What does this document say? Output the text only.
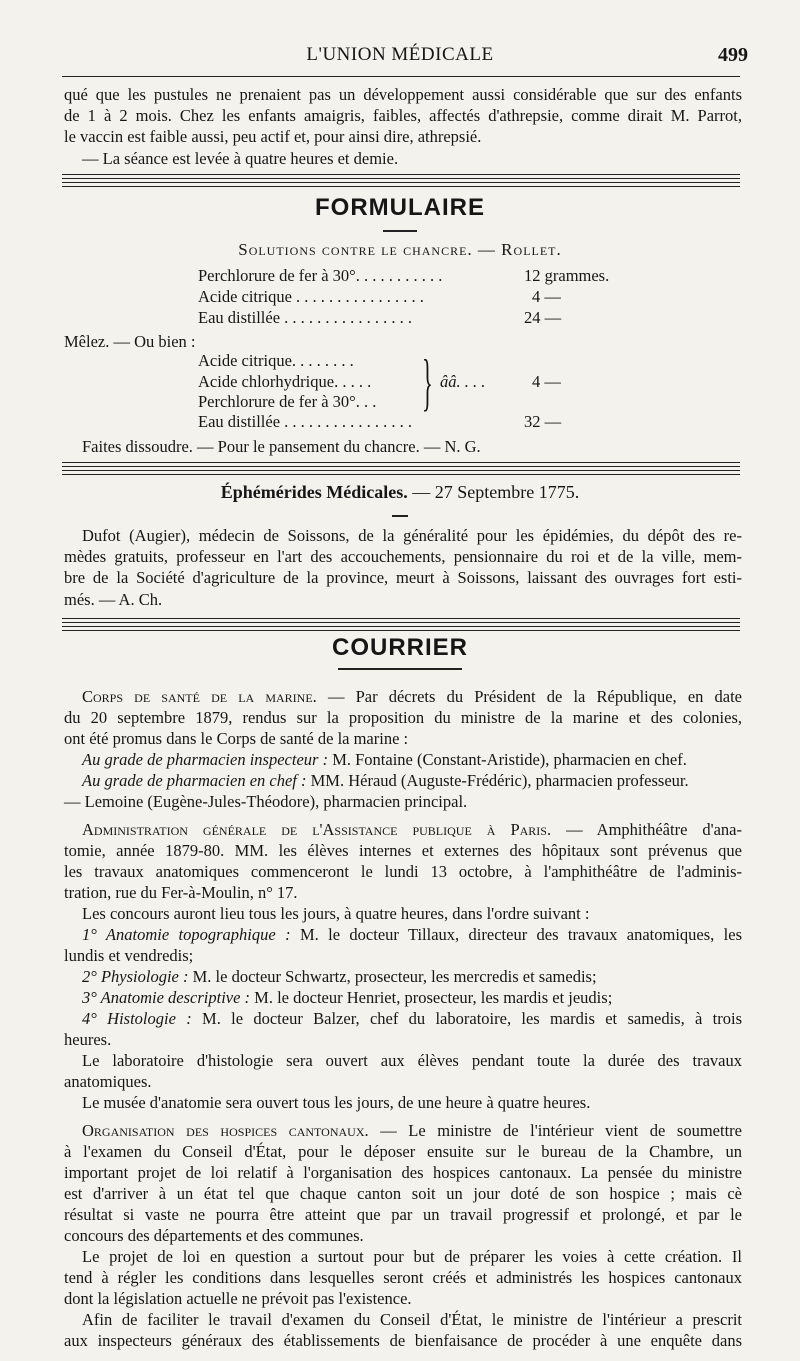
L'UNION MÉDICALE	499
qué que les pustules ne prenaient pas un développement aussi considérable que sur des enfants
de 1 à 2 mois. Chez les enfants amaigris, faibles, affectés d'athrepsie, comme dirait M. Parrot,
le vaccin est faible aussi, peu actif et, pour ainsi dire, athrepsié.
— La séance est levée à quatre heures et demie.
FORMULAIRE
Solutions contre le chancre. — Rollet.
Perchlorure de fer à 30°. . . . . . . . . . .	12 grammes.
Acide citrique . . . . . . . . . . . . . . . .	4 —
Eau distillée . . . . . . . . . . . . . . . .	24 —
Mêlez. — Ou bien :
Acide citrique. . . . . . . .
Acide chlorhydrique. . . . .
Perchlorure de fer à 30°. . . } ââ. . . .	4 —
Eau distillée . . . . . . . . . . . . . . . .	32 —
Faites dissoudre. — Pour le pansement du chancre. — N. G.
Éphémérides Médicales. — 27 Septembre 1775.
Dufot (Augier), médecin de Soissons, de la généralité pour les épidémies, du dépôt des re-
mèdes gratuits, professeur en l'art des accouchements, pensionnaire du roi et de la ville, mem-
bre de la Société d'agriculture de la province, meurt à Soissons, laissant des ouvrages fort esti-
més. — A. Ch.
COURRIER
Corps de santé de la marine. — Par décrets du Président de la République, en date
du 20 septembre 1879, rendus sur la proposition du ministre de la marine et des colonies,
ont été promus dans le Corps de santé de la marine :
Au grade de pharmacien inspecteur : M. Fontaine (Constant-Aristide), pharmacien en chef.
Au grade de pharmacien en chef : MM. Héraud (Auguste-Frédéric), pharmacien professeur.
— Lemoine (Eugène-Jules-Théodore), pharmacien principal.
Administration générale de l'Assistance publique à Paris. — Amphithéâtre d'ana-
tomie, année 1879-80. MM. les élèves internes et externes des hôpitaux sont prévenus que
les travaux anatomiques commenceront le lundi 13 octobre, à l'amphithéâtre de l'adminis-
tration, rue du Fer-à-Moulin, n° 17.
Les concours auront lieu tous les jours, à quatre heures, dans l'ordre suivant :
1° Anatomie topographique : M. le docteur Tillaux, directeur des travaux anatomiques, les
lundis et vendredis;
2° Physiologie : M. le docteur Schwartz, prosecteur, les mercredis et samedis;
3° Anatomie descriptive : M. le docteur Henriet, prosecteur, les mardis et jeudis;
4° Histologie : M. le docteur Balzer, chef du laboratoire, les mardis et samedis, à trois
heures.
Le laboratoire d'histologie sera ouvert aux élèves pendant toute la durée des travaux
anatomiques.
Le musée d'anatomie sera ouvert tous les jours, de une heure à quatre heures.
Organisation des hospices cantonaux. — Le ministre de l'intérieur vient de soumettre
à l'examen du Conseil d'État, pour le déposer ensuite sur le bureau de la Chambre, un
important projet de loi relatif à l'organisation des hospices cantonaux. La pensée du ministre
est d'arriver à un état tel que chaque canton soit un jour doté de son hospice ; mais cè
résultat si vaste ne pourra être atteint que par un travail progressif et prolongé, et par le
concours des départements et des communes.
Le projet de loi en question a surtout pour but de préparer les voies à cette création. Il
tend à régler les conditions dans lesquelles seront créés et administrés les hospices cantonaux
dont la législation actuelle ne prévoit pas l'existence.
Afin de faciliter le travail d'examen du Conseil d'État, le ministre de l'intérieur a prescrit
aux inspecteurs généraux des établissements de bienfaisance de procéder à une enquête dans
